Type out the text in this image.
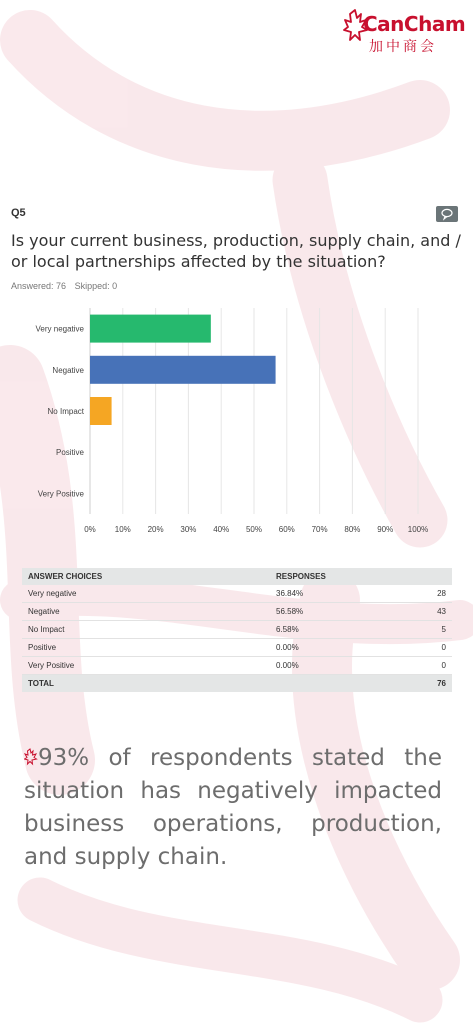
CanCham
加中商会
Q5
Is your current business, production, supply chain, and / or local partnerships affected by the situation?
Answered: 76 Skipped: 0
0% 10% 20% 30% 40% 50% 60% 70% 80% 90% 100%
Very negative
Negative
No Impact
Positive
Very Positive
ANSWER CHOICES	RESPONSES	
Very negative	36.84%	28
Negative	56.58%	43
No Impact	6.58%	5
Positive	0.00%	0
Very Positive	0.00%	0
TOTAL		76
93% of respondents stated the situation has negatively impacted business operations, production, and supply chain.
